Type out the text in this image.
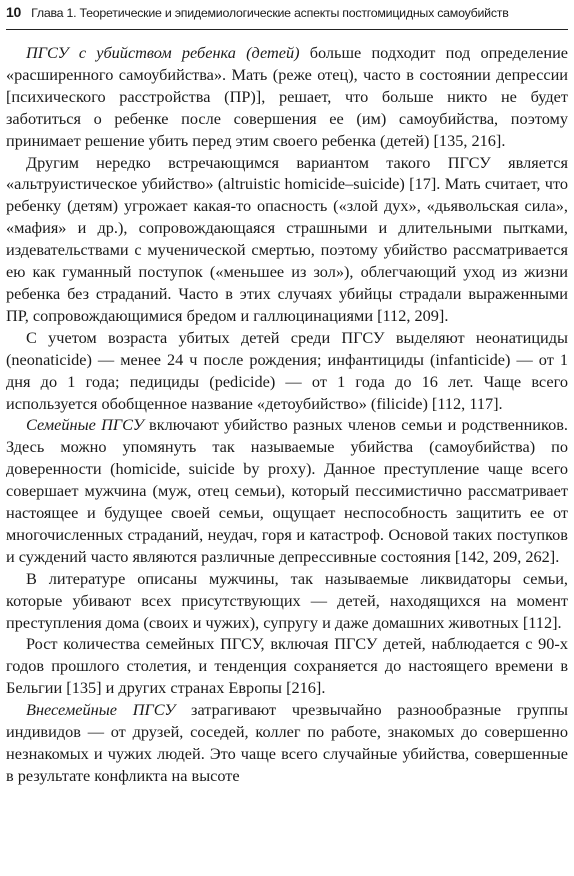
10 Глава 1. Теоретические и эпидемиологические аспекты постгомицидных самоубийств

ПГСУ с убийством ребенка (детей) больше подходит под определение «расширенного самоубийства». Мать (реже отец), часто в состоянии депрессии [психического расстройства (ПР)], решает, что больше никто не будет заботиться о ребенке после совершения ее (им) самоубийства, поэтому принимает решение убить перед этим своего ребенка (детей) [135, 216].

Другим нередко встречающимся вариантом такого ПГСУ является «альтруистическое убийство» (altruistic homicide–suicide) [17]. Мать считает, что ребенку (детям) угрожает какая-то опасность («злой дух», «дьявольская сила», «мафия» и др.), сопровождающаяся страшными и длительными пытками, издевательствами с мученической смертью, поэтому убийство рассматривается ею как гуманный поступок («меньшее из зол»), облегчающий уход из жизни ребенка без страданий. Часто в этих случаях убийцы страдали выраженными ПР, сопровождающимися бредом и галлюцинациями [112, 209].

С учетом возраста убитых детей среди ПГСУ выделяют неонатициды (neonaticide) — менее 24 ч после рождения; инфантициды (infanticide) — от 1 дня до 1 года; педициды (pedicide) — от 1 года до 16 лет. Чаще всего используется обобщенное название «детоубийство» (filicide) [112, 117].

Семейные ПГСУ включают убийство разных членов семьи и родственников. Здесь можно упомянуть так называемые убийства (самоубийства) по доверенности (homicide, suicide by proxy). Данное преступление чаще всего совершает мужчина (муж, отец семьи), который пессимистично рассматривает настоящее и будущее своей семьи, ощущает неспособность защитить ее от многочисленных страданий, неудач, горя и катастроф. Основой таких поступков и суждений часто являются различные депрессивные состояния [142, 209, 262].

В литературе описаны мужчины, так называемые ликвидаторы семьи, которые убивают всех присутствующих — детей, находящихся на момент преступления дома (своих и чужих), супругу и даже домашних животных [112].

Рост количества семейных ПГСУ, включая ПГСУ детей, наблюдается с 90-х годов прошлого столетия, и тенденция сохраняется до настоящего времени в Бельгии [135] и других странах Европы [216].

Внесемейные ПГСУ затрагивают чрезвычайно разнообразные группы индивидов — от друзей, соседей, коллег по работе, знакомых до совершенно незнакомых и чужих людей. Это чаще всего случайные убийства, совершенные в результате конфликта на высоте
